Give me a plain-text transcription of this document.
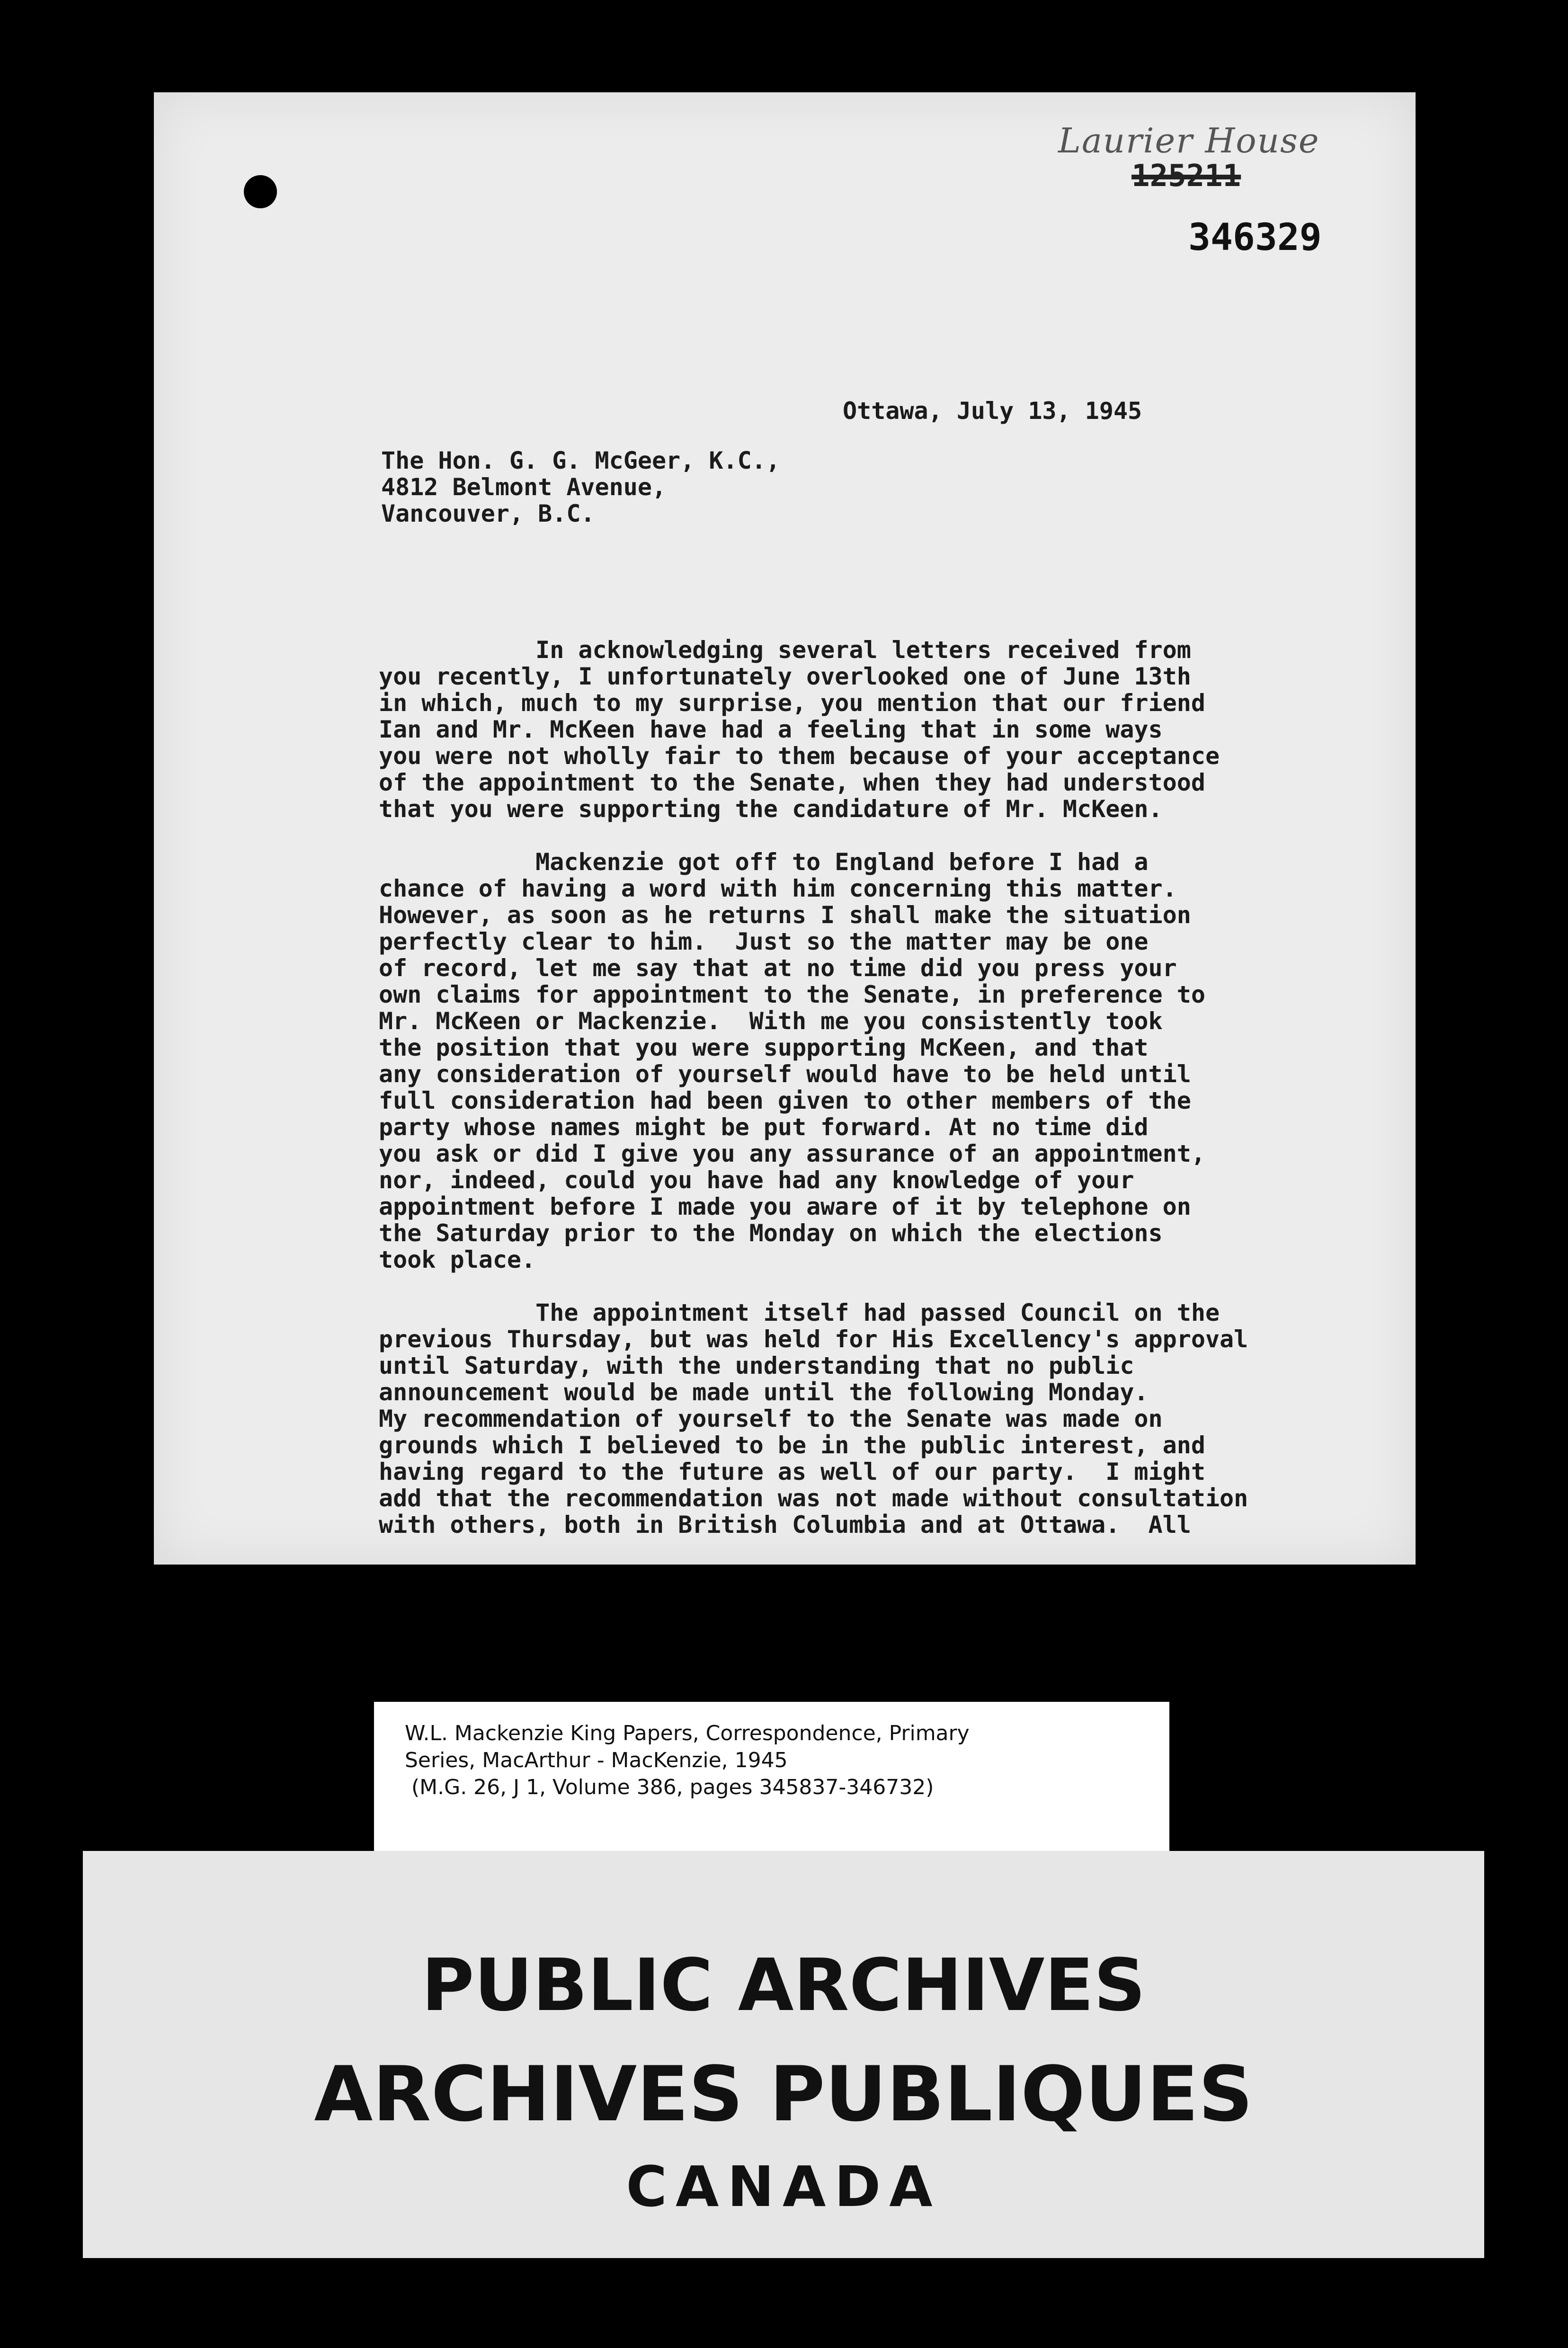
Laurier House
125211
346329
Ottawa, July 13, 1945
The Hon. G. G. McGeer, K.C.,
4812 Belmont Avenue,
Vancouver, B.C.
In acknowledging several letters received from
you recently, I unfortunately overlooked one of June 13th
in which, much to my surprise, you mention that our friend
Ian and Mr. McKeen have had a feeling that in some ways
you were not wholly fair to them because of your acceptance
of the appointment to the Senate, when they had understood
that you were supporting the candidature of Mr. McKeen.

Mackenzie got off to England before I had a
chance of having a word with him concerning this matter.
However, as soon as he returns I shall make the situation
perfectly clear to him.  Just so the matter may be one
of record, let me say that at no time did you press your
own claims for appointment to the Senate, in preference to
Mr. McKeen or Mackenzie.  With me you consistently took
the position that you were supporting McKeen, and that
any consideration of yourself would have to be held until
full consideration had been given to other members of the
party whose names might be put forward. At no time did
you ask or did I give you any assurance of an appointment,
nor, indeed, could you have had any knowledge of your
appointment before I made you aware of it by telephone on
the Saturday prior to the Monday on which the elections
took place.

The appointment itself had passed Council on the
previous Thursday, but was held for His Excellency's approval
until Saturday, with the understanding that no public
announcement would be made until the following Monday.
My recommendation of yourself to the Senate was made on
grounds which I believed to be in the public interest, and
having regard to the future as well of our party.  I might
add that the recommendation was not made without consultation
with others, both in British Columbia and at Ottawa.  All
W.L. Mackenzie King Papers, Correspondence, Primary
Series, MacArthur - MacKenzie, 1945
(M.G. 26, J 1, Volume 386, pages 345837-346732)
PUBLIC ARCHIVES
ARCHIVES PUBLIQUES
CANADA
